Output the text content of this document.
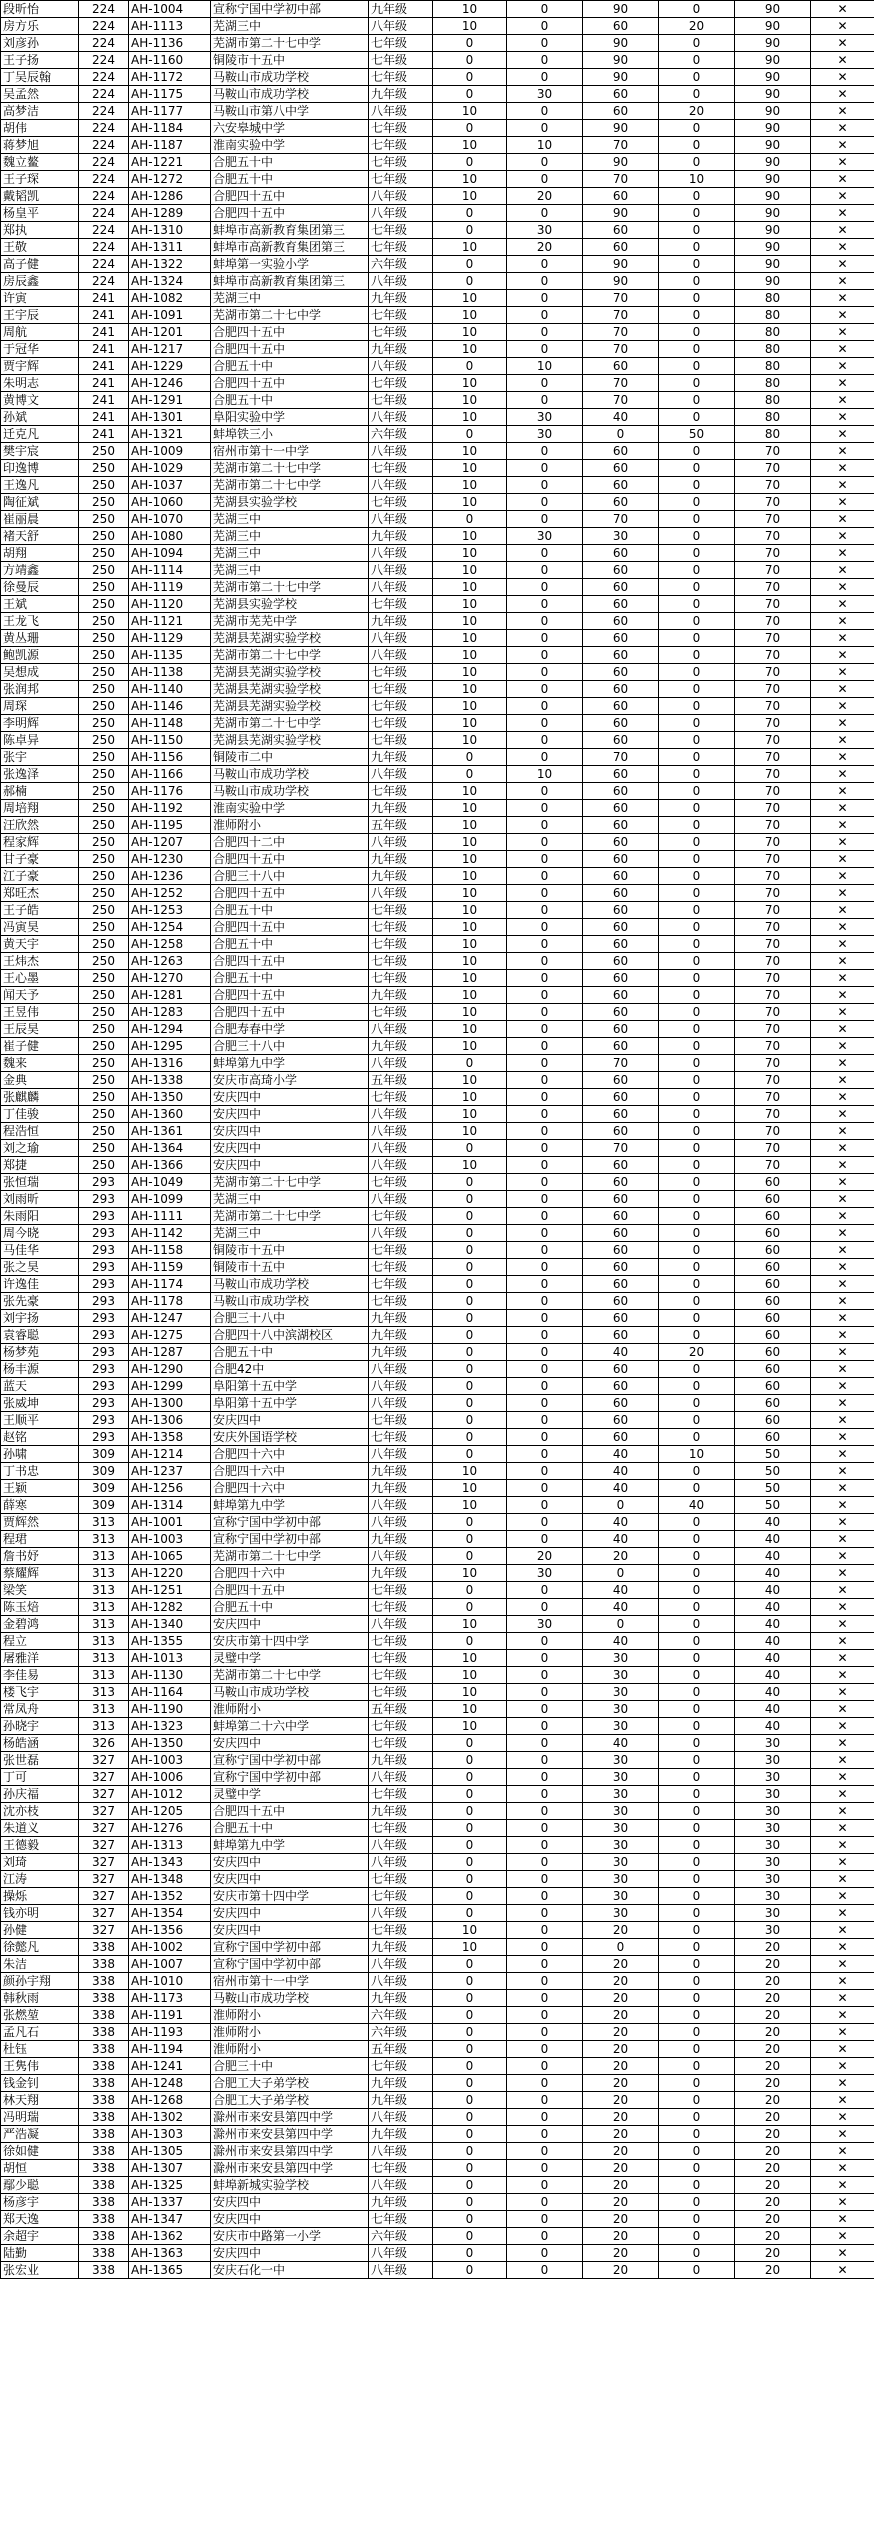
段昕怡	224	AH-1004	宣称宁国中学初中部	九年级	10	0	90	0	90	✕
房方乐	224	AH-1113	芜湖三中	八年级	10	0	60	20	90	✕
刘彦孙	224	AH-1136	芜湖市第二十七中学	七年级	0	0	90	0	90	✕
王子扬	224	AH-1160	铜陵市十五中	七年级	0	0	90	0	90	✕
丁吴辰翰	224	AH-1172	马鞍山市成功学校	七年级	0	0	90	0	90	✕
吴孟然	224	AH-1175	马鞍山市成功学校	九年级	0	30	60	0	90	✕
高梦洁	224	AH-1177	马鞍山市第八中学	八年级	10	0	60	20	90	✕
胡伟	224	AH-1184	六安皋城中学	七年级	0	0	90	0	90	✕
蒋梦旭	224	AH-1187	淮南实验中学	七年级	10	10	70	0	90	✕
魏立鳌	224	AH-1221	合肥五十中	七年级	0	0	90	0	90	✕
王子琛	224	AH-1272	合肥五十中	七年级	10	0	70	10	90	✕
戴韬凯	224	AH-1286	合肥四十五中	八年级	10	20	60	0	90	✕
杨皇平	224	AH-1289	合肥四十五中	八年级	0	0	90	0	90	✕
郑执	224	AH-1310	蚌埠市高新教育集团第三	七年级	0	30	60	0	90	✕
王敬	224	AH-1311	蚌埠市高新教育集团第三	七年级	10	20	60	0	90	✕
高子健	224	AH-1322	蚌埠第一实验小学	六年级	0	0	90	0	90	✕
房辰鑫	224	AH-1324	蚌埠市高新教育集团第三	八年级	0	0	90	0	90	✕
许寅	241	AH-1082	芜湖三中	九年级	10	0	70	0	80	✕
王宇辰	241	AH-1091	芜湖市第二十七中学	七年级	10	0	70	0	80	✕
周航	241	AH-1201	合肥四十五中	七年级	10	0	70	0	80	✕
于冠华	241	AH-1217	合肥四十五中	九年级	10	0	70	0	80	✕
贾宇辉	241	AH-1229	合肥五十中	八年级	0	10	60	0	80	✕
朱明志	241	AH-1246	合肥四十五中	七年级	10	0	70	0	80	✕
黄博文	241	AH-1291	合肥五十中	七年级	10	0	70	0	80	✕
孙斌	241	AH-1301	阜阳实验中学	八年级	10	30	40	0	80	✕
迁克凡	241	AH-1321	蚌埠铁三小	六年级	0	30	0	50	80	✕
樊宇宸	250	AH-1009	宿州市第十一中学	八年级	10	0	60	0	70	✕
印逸博	250	AH-1029	芜湖市第二十七中学	七年级	10	0	60	0	70	✕
王逸凡	250	AH-1037	芜湖市第二十七中学	八年级	10	0	60	0	70	✕
陶征斌	250	AH-1060	芜湖县实验学校	七年级	10	0	60	0	70	✕
崔丽晨	250	AH-1070	芜湖三中	八年级	0	0	70	0	70	✕
褚天舒	250	AH-1080	芜湖三中	九年级	10	30	30	0	70	✕
胡翔	250	AH-1094	芜湖三中	八年级	10	0	60	0	70	✕
方靖鑫	250	AH-1114	芜湖三中	八年级	10	0	60	0	70	✕
徐曼辰	250	AH-1119	芜湖市第二十七中学	八年级	10	0	60	0	70	✕
王斌	250	AH-1120	芜湖县实验学校	七年级	10	0	60	0	70	✕
王龙飞	250	AH-1121	芜湖市芜芜中学	九年级	10	0	60	0	70	✕
黄丛珊	250	AH-1129	芜湖县芜湖实验学校	八年级	10	0	60	0	70	✕
鲍凯源	250	AH-1135	芜湖市第二十七中学	八年级	10	0	60	0	70	✕
吴想成	250	AH-1138	芜湖县芜湖实验学校	七年级	10	0	60	0	70	✕
张润邦	250	AH-1140	芜湖县芜湖实验学校	七年级	10	0	60	0	70	✕
周琛	250	AH-1146	芜湖县芜湖实验学校	七年级	10	0	60	0	70	✕
李明辉	250	AH-1148	芜湖市第二十七中学	七年级	10	0	60	0	70	✕
陈卓异	250	AH-1150	芜湖县芜湖实验学校	七年级	10	0	60	0	70	✕
张宇	250	AH-1156	铜陵市二中	九年级	0	0	70	0	70	✕
张逸泽	250	AH-1166	马鞍山市成功学校	八年级	0	10	60	0	70	✕
郝楠	250	AH-1176	马鞍山市成功学校	七年级	10	0	60	0	70	✕
周培翔	250	AH-1192	淮南实验中学	九年级	10	0	60	0	70	✕
汪欣然	250	AH-1195	淮师附小	五年级	10	0	60	0	70	✕
程家辉	250	AH-1207	合肥四十二中	八年级	10	0	60	0	70	✕
甘子豪	250	AH-1230	合肥四十五中	九年级	10	0	60	0	70	✕
江子豪	250	AH-1236	合肥三十八中	九年级	10	0	60	0	70	✕
郑旺杰	250	AH-1252	合肥四十五中	八年级	10	0	60	0	70	✕
王子皓	250	AH-1253	合肥五十中	七年级	10	0	60	0	70	✕
冯寅昊	250	AH-1254	合肥四十五中	七年级	10	0	60	0	70	✕
黄天宇	250	AH-1258	合肥五十中	七年级	10	0	60	0	70	✕
王炜杰	250	AH-1263	合肥四十五中	七年级	10	0	60	0	70	✕
王心墨	250	AH-1270	合肥五十中	七年级	10	0	60	0	70	✕
闻天予	250	AH-1281	合肥四十五中	九年级	10	0	60	0	70	✕
王昱伟	250	AH-1283	合肥四十五中	七年级	10	0	60	0	70	✕
王辰昊	250	AH-1294	合肥寿春中学	八年级	10	0	60	0	70	✕
崔子健	250	AH-1295	合肥三十八中	九年级	10	0	60	0	70	✕
魏来	250	AH-1316	蚌埠第九中学	八年级	0	0	70	0	70	✕
金典	250	AH-1338	安庆市高琦小学	五年级	10	0	60	0	70	✕
张麒麟	250	AH-1350	安庆四中	七年级	10	0	60	0	70	✕
丁佳骏	250	AH-1360	安庆四中	八年级	10	0	60	0	70	✕
程浩恒	250	AH-1361	安庆四中	八年级	10	0	60	0	70	✕
刘之瑜	250	AH-1364	安庆四中	八年级	0	0	70	0	70	✕
郑捷	250	AH-1366	安庆四中	八年级	10	0	60	0	70	✕
张恒瑞	293	AH-1049	芜湖市第二十七中学	七年级	0	0	60	0	60	✕
刘雨昕	293	AH-1099	芜湖三中	八年级	0	0	60	0	60	✕
朱雨阳	293	AH-1111	芜湖市第二十七中学	七年级	0	0	60	0	60	✕
周今晓	293	AH-1142	芜湖三中	八年级	0	0	60	0	60	✕
马佳华	293	AH-1158	铜陵市十五中	七年级	0	0	60	0	60	✕
张之昊	293	AH-1159	铜陵市十五中	七年级	0	0	60	0	60	✕
许逸佳	293	AH-1174	马鞍山市成功学校	七年级	0	0	60	0	60	✕
张先豪	293	AH-1178	马鞍山市成功学校	七年级	0	0	60	0	60	✕
刘宇扬	293	AH-1247	合肥三十八中	九年级	0	0	60	0	60	✕
袁睿聪	293	AH-1275	合肥四十八中滨湖校区	九年级	0	0	60	0	60	✕
杨梦苑	293	AH-1287	合肥五十中	九年级	0	0	40	20	60	✕
杨丰源	293	AH-1290	合肥42中	八年级	0	0	60	0	60	✕
蓝天	293	AH-1299	阜阳第十五中学	八年级	0	0	60	0	60	✕
张威坤	293	AH-1300	阜阳第十五中学	八年级	0	0	60	0	60	✕
王顺平	293	AH-1306	安庆四中	七年级	0	0	60	0	60	✕
赵铭	293	AH-1358	安庆外国语学校	七年级	0	0	60	0	60	✕
孙啸	309	AH-1214	合肥四十六中	八年级	0	0	40	10	50	✕
丁书忠	309	AH-1237	合肥四十六中	九年级	10	0	40	0	50	✕
王颖	309	AH-1256	合肥四十六中	九年级	10	0	40	0	50	✕
薛寒	309	AH-1314	蚌埠第九中学	八年级	10	0	0	40	50	✕
贾辉然	313	AH-1001	宣称宁国中学初中部	八年级	0	0	40	0	40	✕
程珺	313	AH-1003	宣称宁国中学初中部	九年级	0	0	40	0	40	✕
詹书妤	313	AH-1065	芜湖市第二十七中学	八年级	0	20	20	0	40	✕
蔡耀辉	313	AH-1220	合肥四十六中	九年级	10	30	0	0	40	✕
梁笑	313	AH-1251	合肥四十五中	七年级	0	0	40	0	40	✕
陈玉焙	313	AH-1282	合肥五十中	七年级	0	0	40	0	40	✕
金碧鸿	313	AH-1340	安庆四中	八年级	10	30	0	0	40	✕
程立	313	AH-1355	安庆市第十四中学	七年级	0	0	40	0	40	✕
屠雅洋	313	AH-1013	灵璧中学	七年级	10	0	30	0	40	✕
李佳易	313	AH-1130	芜湖市第二十七中学	七年级	10	0	30	0	40	✕
楼飞宇	313	AH-1164	马鞍山市成功学校	七年级	10	0	30	0	40	✕
常凤舟	313	AH-1190	淮师附小	五年级	10	0	30	0	40	✕
孙晓宇	313	AH-1323	蚌埠第二十六中学	七年级	10	0	30	0	40	✕
杨皓涵	326	AH-1350	安庆四中	七年级	0	0	40	0	30	✕
张世磊	327	AH-1003	宣称宁国中学初中部	九年级	0	0	30	0	30	✕
丁可	327	AH-1006	宣称宁国中学初中部	八年级	0	0	30	0	30	✕
孙庆福	327	AH-1012	灵璧中学	七年级	0	0	30	0	30	✕
沈亦枝	327	AH-1205	合肥四十五中	九年级	0	0	30	0	30	✕
朱道义	327	AH-1276	合肥五十中	七年级	0	0	30	0	30	✕
王德毅	327	AH-1313	蚌埠第九中学	八年级	0	0	30	0	30	✕
刘琦	327	AH-1343	安庆四中	八年级	0	0	30	0	30	✕
江涛	327	AH-1348	安庆四中	七年级	0	0	30	0	30	✕
操烁	327	AH-1352	安庆市第十四中学	七年级	0	0	30	0	30	✕
钱亦明	327	AH-1354	安庆四中	八年级	0	0	30	0	30	✕
孙健	327	AH-1356	安庆四中	七年级	10	0	20	0	30	✕
徐懿凡	338	AH-1002	宣称宁国中学初中部	九年级	10	0	0	0	20	✕
朱洁	338	AH-1007	宣称宁国中学初中部	八年级	0	0	20	0	20	✕
颜孙宇翔	338	AH-1010	宿州市第十一中学	八年级	0	0	20	0	20	✕
韩秋雨	338	AH-1173	马鞍山市成功学校	九年级	0	0	20	0	20	✕
张燃堃	338	AH-1191	淮师附小	六年级	0	0	20	0	20	✕
孟凡石	338	AH-1193	淮师附小	六年级	0	0	20	0	20	✕
杜钰	338	AH-1194	淮师附小	五年级	0	0	20	0	20	✕
王隽伟	338	AH-1241	合肥三十中	七年级	0	0	20	0	20	✕
钱金钊	338	AH-1248	合肥工大子弟学校	九年级	0	0	20	0	20	✕
林天翔	338	AH-1268	合肥工大子弟学校	九年级	0	0	20	0	20	✕
冯明瑞	338	AH-1302	滁州市来安县第四中学	八年级	0	0	20	0	20	✕
严浩凝	338	AH-1303	滁州市来安县第四中学	九年级	0	0	20	0	20	✕
徐如健	338	AH-1305	滁州市来安县第四中学	八年级	0	0	20	0	20	✕
胡恒	338	AH-1307	滁州市来安县第四中学	七年级	0	0	20	0	20	✕
鄢少聪	338	AH-1325	蚌埠新城实验学校	八年级	0	0	20	0	20	✕
杨彦宇	338	AH-1337	安庆四中	九年级	0	0	20	0	20	✕
郑天逸	338	AH-1347	安庆四中	七年级	0	0	20	0	20	✕
余超宇	338	AH-1362	安庆市中路第一小学	六年级	0	0	20	0	20	✕
陆勤	338	AH-1363	安庆四中	八年级	0	0	20	0	20	✕
张宏业	338	AH-1365	安庆石化一中	八年级	0	0	20	0	20	✕
